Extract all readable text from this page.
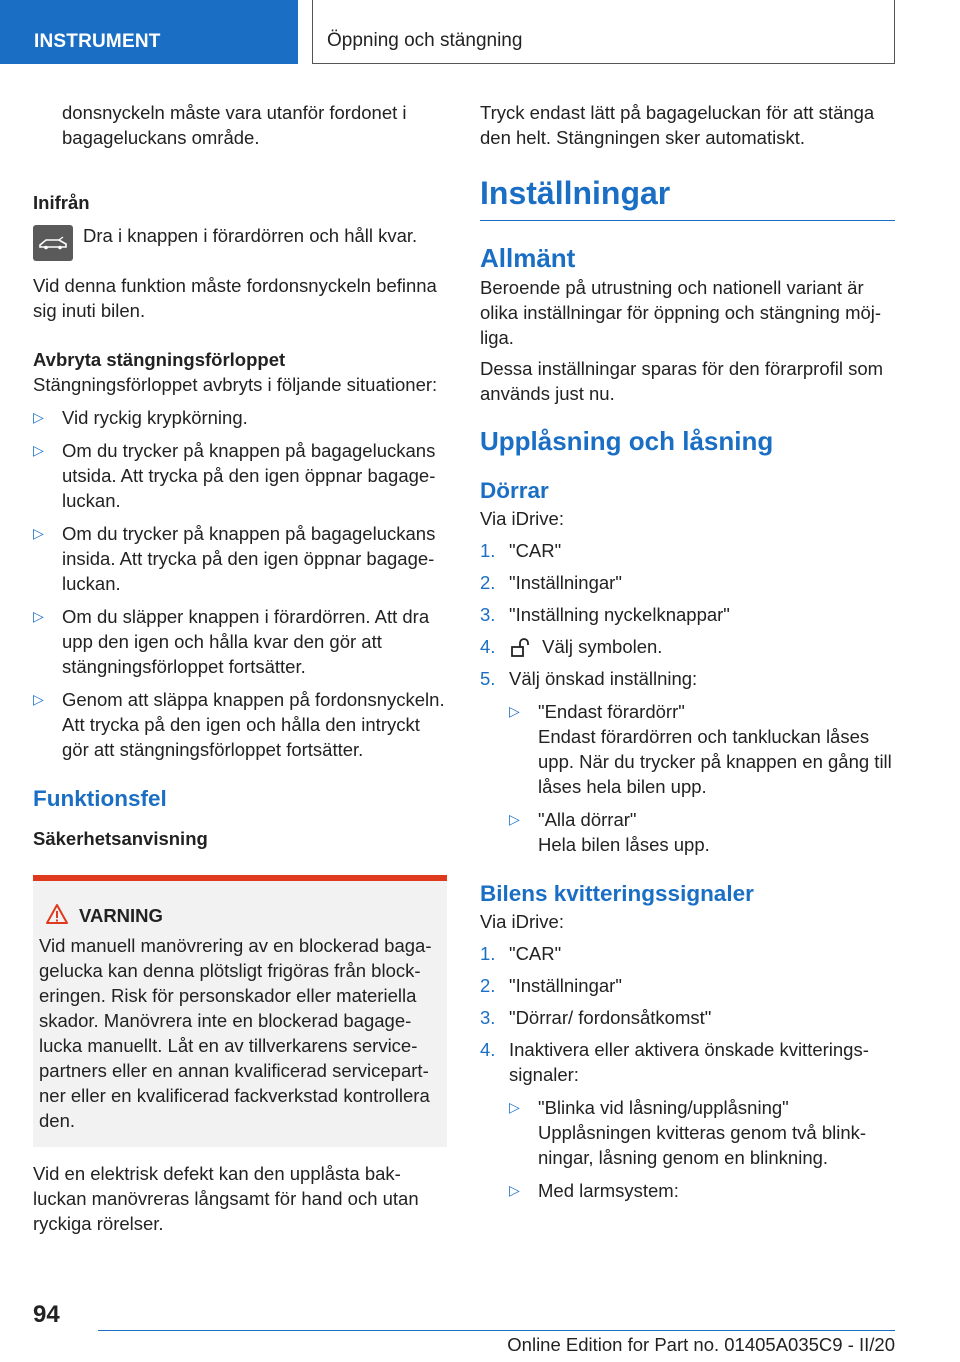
INSTRUMENT	Öppning och stängning

donsnyckeln måste vara utanför fordonet i bagageluckans område.

Inifrån

Dra i knappen i förardörren och håll kvar.

Vid denna funktion måste fordonsnyckeln befinna sig inuti bilen.

Avbryta stängningsförloppet

Stängningsförloppet avbryts i följande situationer:

▷ Vid ryckig krypkörning.
▷ Om du trycker på knappen på bagageluckans utsida. Att trycka på den igen öppnar bagageluckan.
▷ Om du trycker på knappen på bagageluckans insida. Att trycka på den igen öppnar bagageluckan.
▷ Om du släpper knappen i förardörren. Att dra upp den igen och hålla kvar den gör att stängningsförloppet fortsätter.
▷ Genom att släppa knappen på fordonsnyckeln. Att trycka på den igen och hålla den intryckt gör att stängningsförloppet fortsätter.

Funktionsfel

Säkerhetsanvisning

VARNING

Vid manuell manövrering av en blockerad bagagelucka kan denna plötsligt frigöras från blockeringen. Risk för personskador eller materiella skador. Manövrera inte en blockerad bagagelucka manuellt. Låt en av tillverkarens servicepartners eller en annan kvalificerad servicepartner eller en kvalificerad fackverkstad kontrollera den.

Vid en elektrisk defekt kan den upplåsta bakluckan manövreras långsamt för hand och utan ryckiga rörelser.

Tryck endast lätt på bagageluckan för att stänga den helt. Stängningen sker automatiskt.

Inställningar

Allmänt

Beroende på utrustning och nationell variant är olika inställningar för öppning och stängning möjliga.

Dessa inställningar sparas för den förarprofil som används just nu.

Upplåsning och låsning

Dörrar

Via iDrive:

1. "CAR"
2. "Inställningar"
3. "Inställning nyckelknappar"
4.	Välj symbolen.
5. Välj önskad inställning:
▷ "Endast förardörr"
Endast förardörren och tankluckan låses upp. När du trycker på knappen en gång till låses hela bilen upp.
▷ "Alla dörrar"
Hela bilen låses upp.

Bilens kvitteringssignaler

Via iDrive:

1. "CAR"
2. "Inställningar"
3. "Dörrar/ fordonsåtkomst"
4. Inaktivera eller aktivera önskade kvitteringssignaler:
▷ "Blinka vid låsning/upplåsning"
Upplåsningen kvitteras genom två blinkningar, låsning genom en blinkning.
▷ Med larmsystem:
94
Online Edition for Part no. 01405A035C9 - II/20
